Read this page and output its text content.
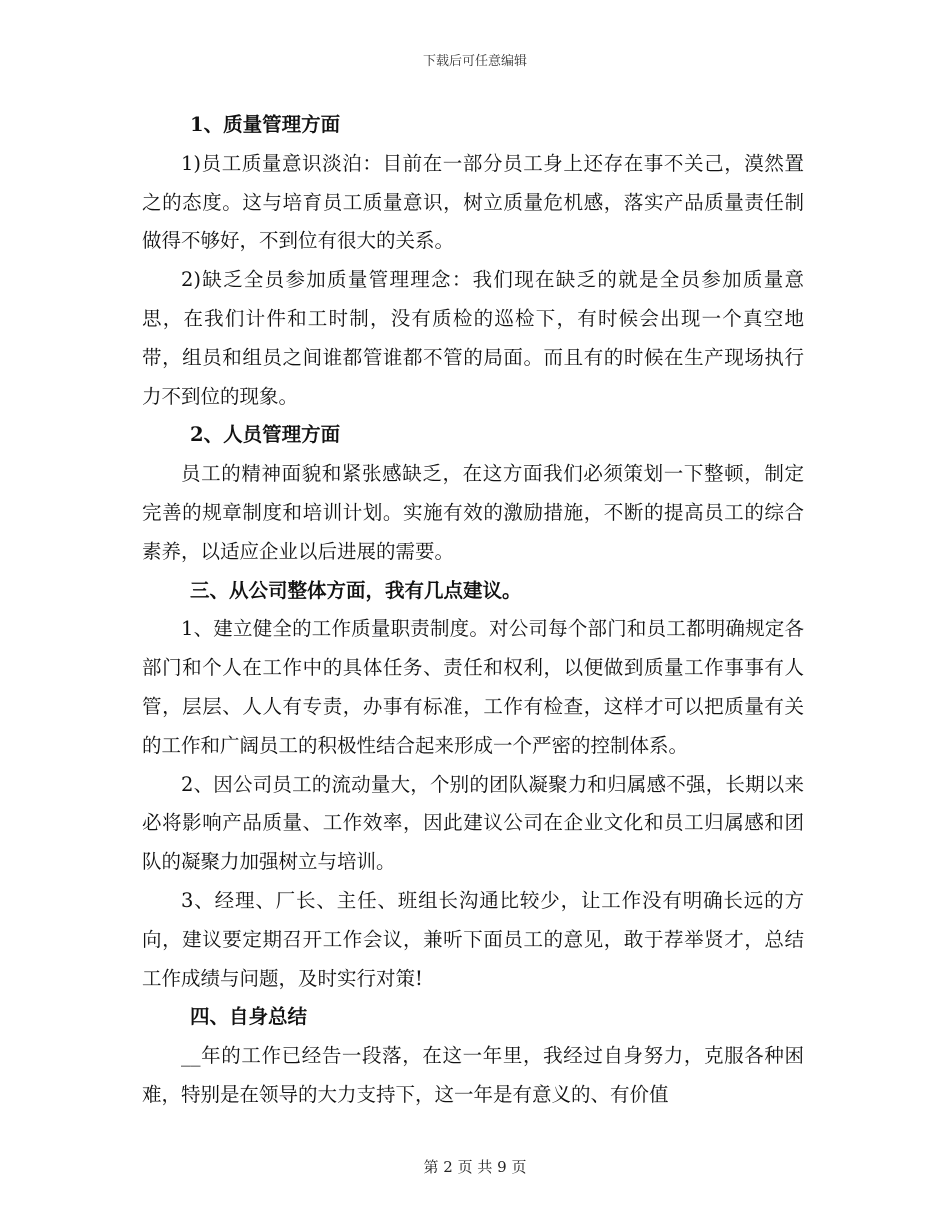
下载后可任意编辑
1、质量管理方面

1)员工质量意识淡泊：目前在一部分员工身上还存在事不关己，漠然置之的态度。这与培育员工质量意识，树立质量危机感，落实产品质量责任制做得不够好，不到位有很大的关系。

2)缺乏全员参加质量管理理念：我们现在缺乏的就是全员参加质量意思，在我们计件和工时制，没有质检的巡检下，有时候会出现一个真空地带，组员和组员之间谁都管谁都不管的局面。而且有的时候在生产现场执行力不到位的现象。

2、人员管理方面

员工的精神面貌和紧张感缺乏，在这方面我们必须策划一下整顿，制定完善的规章制度和培训计划。实施有效的激励措施，不断的提高员工的综合素养，以适应企业以后进展的需要。

三、从公司整体方面，我有几点建议。

1、建立健全的工作质量职责制度。对公司每个部门和员工都明确规定各部门和个人在工作中的具体任务、责任和权利，以便做到质量工作事事有人管，层层、人人有专责，办事有标准，工作有检查，这样才可以把质量有关的工作和广阔员工的积极性结合起来形成一个严密的控制体系。

2、因公司员工的流动量大，个别的团队凝聚力和归属感不强，长期以来必将影响产品质量、工作效率，因此建议公司在企业文化和员工归属感和团队的凝聚力加强树立与培训。

3、经理、厂长、主任、班组长沟通比较少，让工作没有明确长远的方向，建议要定期召开工作会议，兼听下面员工的意见，敢于荐举贤才，总结工作成绩与问题，及时实行对策!

四、自身总结

__年的工作已经告一段落，在这一年里，我经过自身努力，克服各种困难，特别是在领导的大力支持下，这一年是有意义的、有价值

第 2 页 共 9 页
